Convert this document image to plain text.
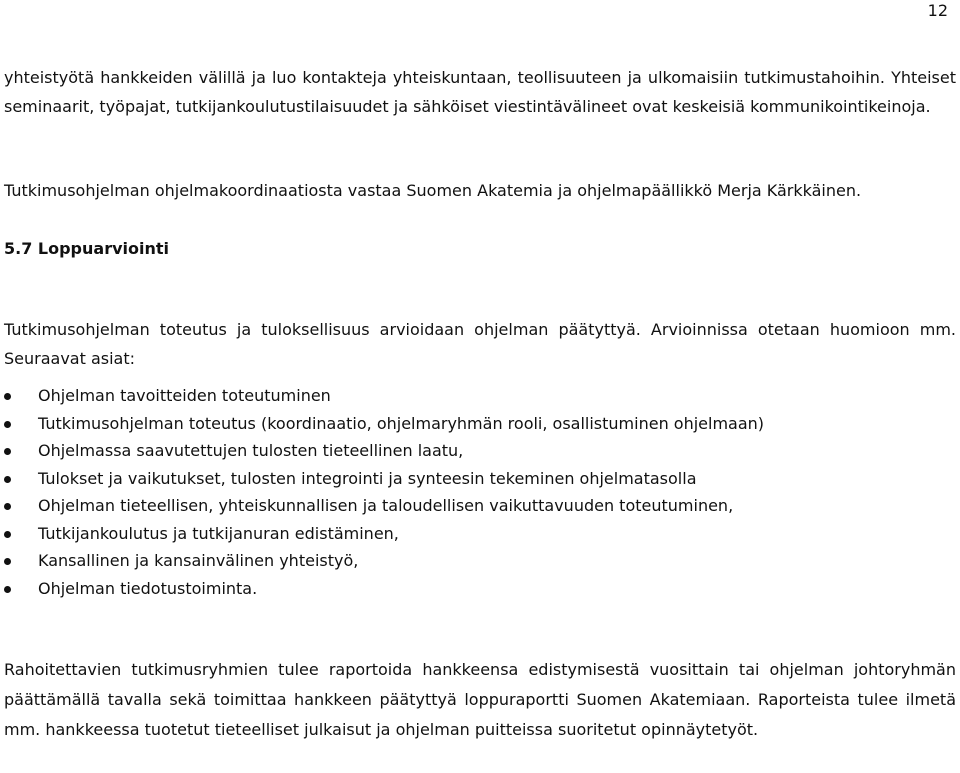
12
yhteistyötä hankkeiden välillä ja luo kontakteja yhteiskuntaan, teollisuuteen ja ulkomaisiin tutkimustahoihin. Yhteiset seminaarit, työpajat, tutkijankoulutustilaisuudet ja sähköiset viestintävälineet ovat keskeisiä kommunikointikeinoja.
Tutkimusohjelman ohjelmakoordinaatiosta vastaa Suomen Akatemia ja ohjelmapäällikkö Merja Kärkkäinen.
5.7 Loppuarviointi
Tutkimusohjelman toteutus ja tuloksellisuus arvioidaan ohjelman päätyttyä. Arvioinnissa otetaan huomioon mm. Seuraavat asiat:
Ohjelman tavoitteiden toteutuminen
Tutkimusohjelman toteutus (koordinaatio, ohjelmaryhmän rooli, osallistuminen ohjelmaan)
Ohjelmassa saavutettujen tulosten tieteellinen laatu,
Tulokset ja vaikutukset, tulosten integrointi ja synteesin tekeminen ohjelmatasolla
Ohjelman tieteellisen, yhteiskunnallisen ja taloudellisen vaikuttavuuden toteutuminen,
Tutkijankoulutus ja tutkijanuran edistäminen,
Kansallinen ja kansainvälinen yhteistyö,
Ohjelman tiedotustoiminta.
Rahoitettavien tutkimusryhmien tulee raportoida hankkeensa edistymisestä vuosittain tai ohjelman johtoryhmän päättämällä tavalla sekä toimittaa hankkeen päätyttyä loppuraportti Suomen Akatemiaan. Raporteista tulee ilmetä mm. hankkeessa tuotetut tieteelliset julkaisut ja ohjelman puitteissa suoritetut opinnäytetyöt.
